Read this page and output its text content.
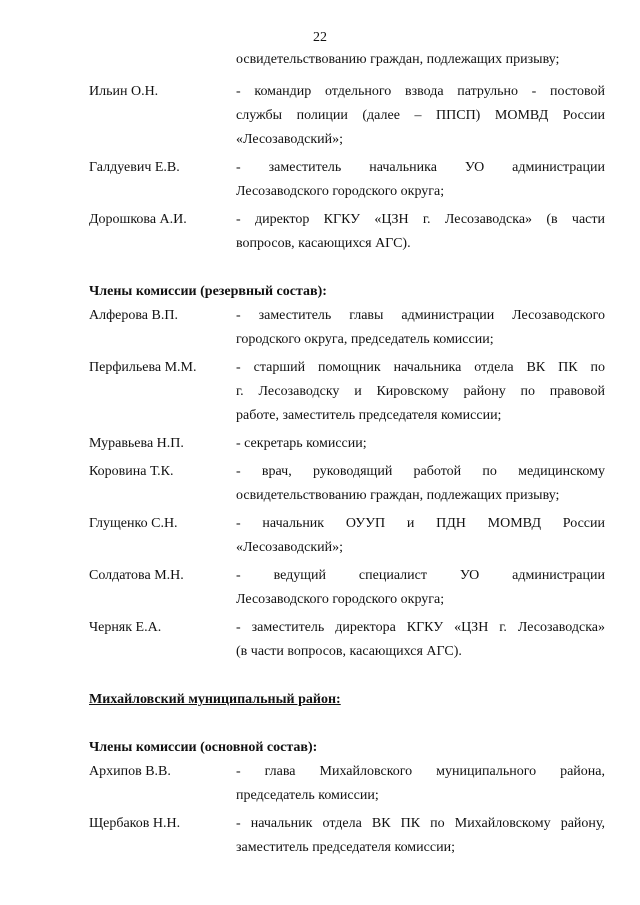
22
освидетельствованию граждан, подлежащих призыву;
Ильин О.Н.	- командир отдельного взвода патрульно - постовой
службы полиции (далее – ППСП) МОМВД России
«Лесозаводский»;
Галдуевич Е.В.	- заместитель начальника УО администрации
Лесозаводского городского округа;
Дорошкова А.И.	- директор КГКУ «ЦЗН г. Лесозаводска» (в части
вопросов, касающихся АГС).
Члены комиссии (резервный состав):
Алферова В.П.	- заместитель главы администрации Лесозаводского
городского округа, председатель комиссии;
Перфильева М.М.	- старший помощник начальника отдела ВК ПК по
г. Лесозаводску и Кировскому району по правовой
работе, заместитель председателя комиссии;
Муравьева Н.П.	- секретарь комиссии;
Коровина Т.К.	- врач, руководящий работой по медицинскому
освидетельствованию граждан, подлежащих призыву;
Глущенко С.Н.	- начальник ОУУП и ПДН МОМВД России
«Лесозаводский»;
Солдатова М.Н.	- ведущий специалист УО администрации
Лесозаводского городского округа;
Черняк Е.А.	- заместитель директора КГКУ «ЦЗН г. Лесозаводска»
(в части вопросов, касающихся АГС).
Михайловский муниципальный район:
Члены комиссии (основной состав):
Архипов В.В.	- глава Михайловского муниципального района,
председатель комиссии;
Щербаков Н.Н.	- начальник отдела ВК ПК по Михайловскому району,
заместитель председателя комиссии;
